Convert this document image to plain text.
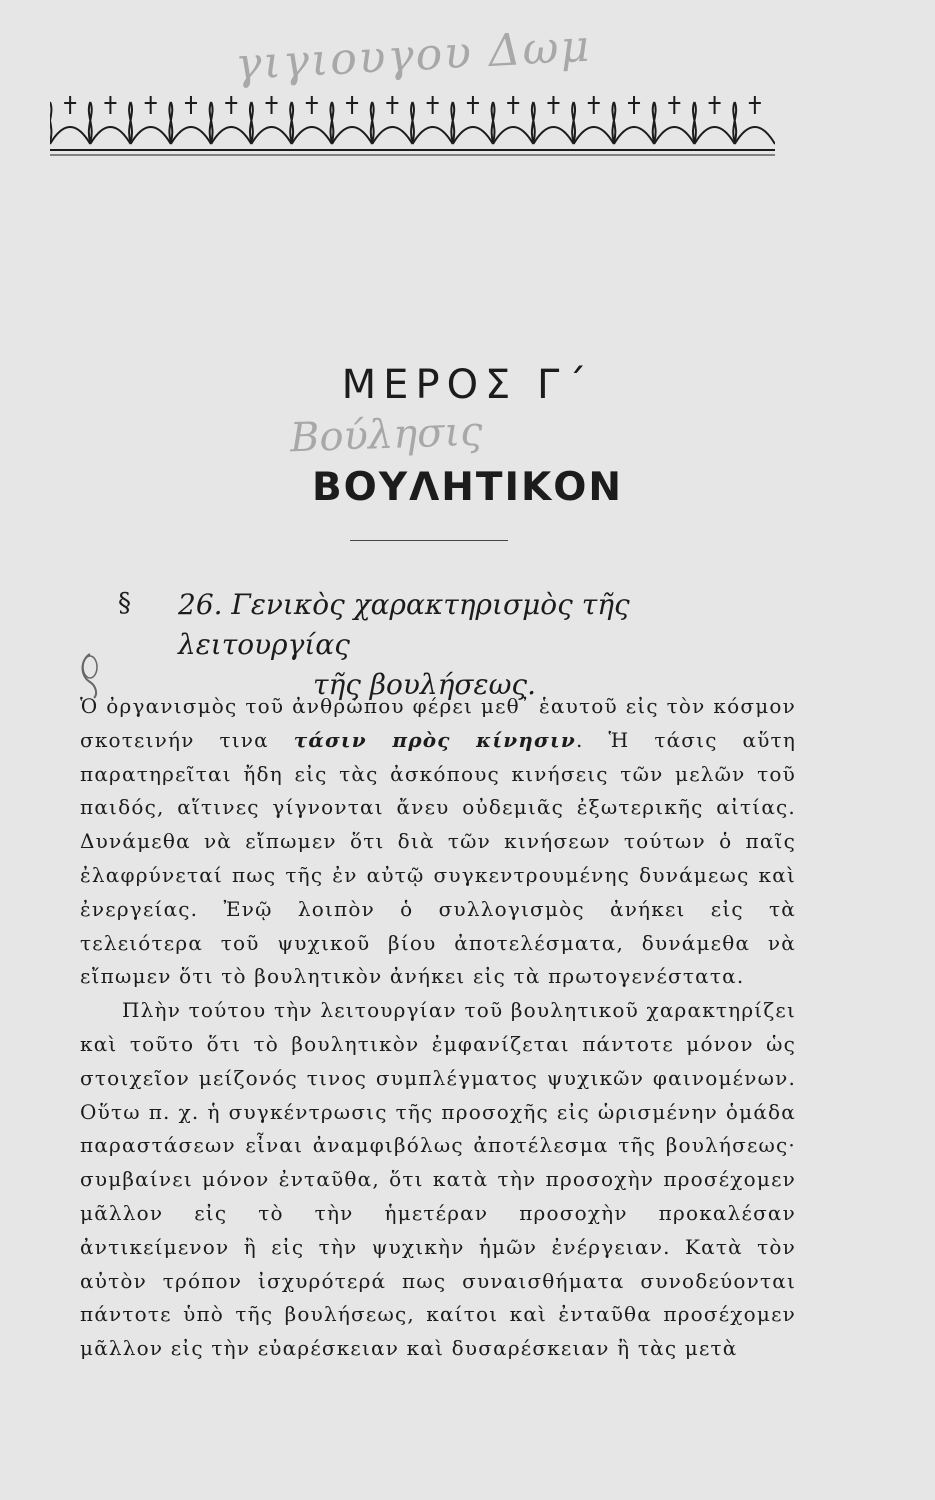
γιγιουγου Δωμ
ΜΕΡΟΣ Γ΄
Βούλησις
ΒΟΥΛΗΤΙΚΟΝ
§ 26. Γενικὸς χαρακτηρισμὸς τῆς λειτουργίας
τῆς βουλήσεως.

Ὁ ὀργανισμὸς τοῦ ἀνθρώπου φέρει μεθ᾿ ἑαυτοῦ εἰς τὸν κόσμον σκοτεινήν τινα τάσιν πρὸς κίνησιν. Ἡ τάσις αὕτη παρατηρεῖται ἤδη εἰς τὰς ἀσκόπους κινήσεις τῶν μελῶν τοῦ παιδός, αἵτινες γίγνονται ἄνευ οὐδεμιᾶς ἐξωτερικῆς αἰτίας. Δυνάμεθα νὰ εἴπωμεν ὅτι διὰ τῶν κινήσεων τούτων ὁ παῖς ἐλαφρύνεταί πως τῆς ἐν αὐτῷ συγκεντρουμένης δυνάμεως καὶ ἐνεργείας. Ἐνῷ λοιπὸν ὁ συλλογισμὸς ἀνήκει εἰς τὰ τελειότερα τοῦ ψυχικοῦ βίου ἀποτελέσματα, δυνάμεθα νὰ εἴπωμεν ὅτι τὸ βουλητικὸν ἀνήκει εἰς τὰ πρωτογενέστατα.

Πλὴν τούτου τὴν λειτουργίαν τοῦ βουλητικοῦ χαρακτηρίζει καὶ τοῦτο ὅτι τὸ βουλητικὸν ἐμφανίζεται πάντοτε μόνον ὡς στοιχεῖον μείζονός τινος συμπλέγματος ψυχικῶν φαινομένων. Οὕτω π. χ. ἡ συγκέντρωσις τῆς προσοχῆς εἰς ὡρισμένην ὁμάδα παραστάσεων εἶναι ἀναμφιβόλως ἀποτέλεσμα τῆς βουλήσεως· συμβαίνει μόνον ἐνταῦθα, ὅτι κατὰ τὴν προσοχὴν προσέχομεν μᾶλλον εἰς τὸ τὴν ἡμετέραν προσοχὴν προκαλέσαν ἀντικείμενον ἢ εἰς τὴν ψυχικὴν ἡμῶν ἐνέργειαν. Κατὰ τὸν αὐτὸν τρόπον ἰσχυρότερά πως συναισθήματα συνοδεύονται πάντοτε ὑπὸ τῆς βουλήσεως, καίτοι καὶ ἐνταῦθα προσέχομεν μᾶλλον εἰς τὴν εὐαρέσκειαν καὶ δυσαρέσκειαν ἢ τὰς μετὰ
